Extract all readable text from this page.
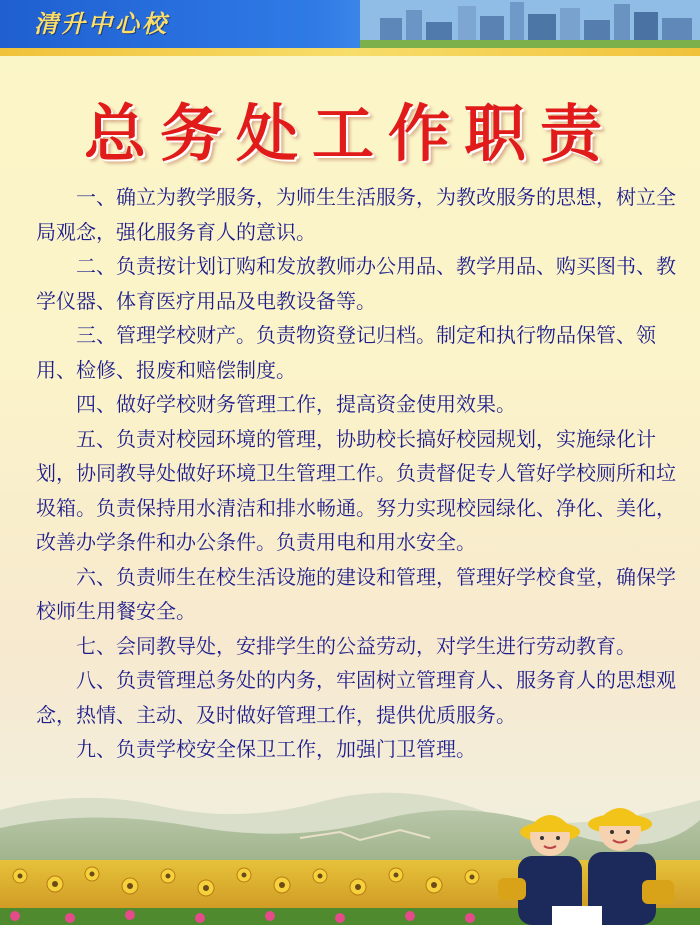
清升中心校
总务处工作职责

一、确立为教学服务，为师生生活服务，为教改服务的思想，树立全局观念，强化服务育人的意识。

二、负责按计划订购和发放教师办公用品、教学用品、购买图书、教学仪器、体育医疗用品及电教设备等。

三、管理学校财产。负责物资登记归档。制定和执行物品保管、领用、检修、报废和赔偿制度。

四、做好学校财务管理工作，提高资金使用效果。

五、负责对校园环境的管理，协助校长搞好校园规划，实施绿化计划，协同教导处做好环境卫生管理工作。负责督促专人管好学校厕所和垃圾箱。负责保持用水清洁和排水畅通。努力实现校园绿化、净化、美化，改善办学条件和办公条件。负责用电和用水安全。

六、负责师生在校生活设施的建设和管理，管理好学校食堂，确保学校师生用餐安全。

七、会同教导处，安排学生的公益劳动，对学生进行劳动教育。

八、负责管理总务处的内务，牢固树立管理育人、服务育人的思想观念，热情、主动、及时做好管理工作，提供优质服务。

九、负责学校安全保卫工作，加强门卫管理。
